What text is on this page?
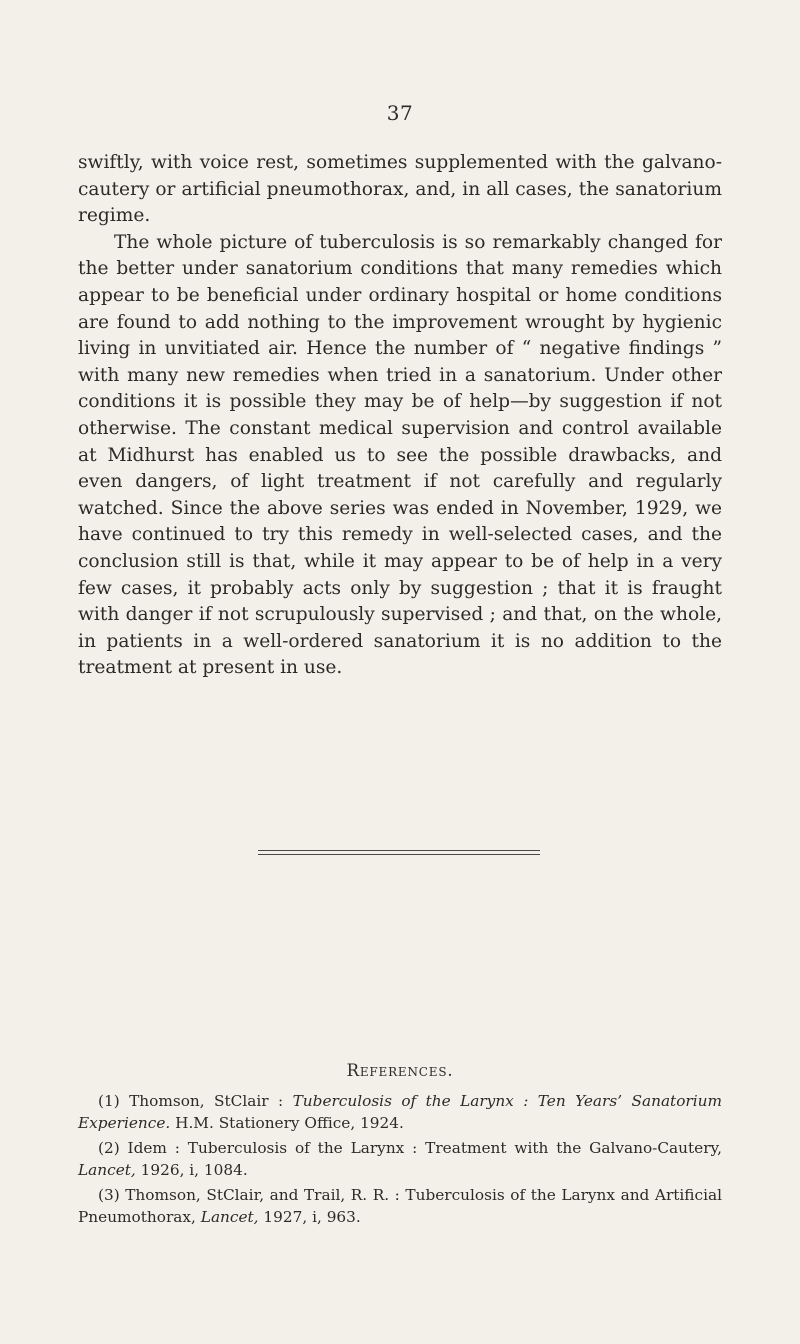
37

swiftly, with voice rest, sometimes supplemented with the galvano-cautery or artificial pneumothorax, and, in all cases, the sanatorium regime.

The whole picture of tuberculosis is so remarkably changed for the better under sanatorium conditions that many remedies which appear to be beneficial under ordinary hospital or home conditions are found to add nothing to the improvement wrought by hygienic living in unvitiated air. Hence the number of “ negative findings ” with many new remedies when tried in a sanatorium. Under other conditions it is possible they may be of help—by suggestion if not otherwise. The constant medical supervision and control available at Midhurst has enabled us to see the possible drawbacks, and even dangers, of light treatment if not carefully and regularly watched. Since the above series was ended in November, 1929, we have continued to try this remedy in well-selected cases, and the conclusion still is that, while it may appear to be of help in a very few cases, it probably acts only by suggestion ; that it is fraught with danger if not scrupulously supervised ; and that, on the whole, in patients in a well-ordered sanatorium it is no addition to the treatment at present in use.

References.

(1) Thomson, StClair : Tuberculosis of the Larynx : Ten Years’ Sanatorium Experience. H.M. Stationery Office, 1924.

(2) Idem : Tuberculosis of the Larynx : Treatment with the Galvano-Cautery, Lancet, 1926, i, 1084.

(3) Thomson, StClair, and Trail, R. R. : Tuberculosis of the Larynx and Artificial Pneumothorax, Lancet, 1927, i, 963.
